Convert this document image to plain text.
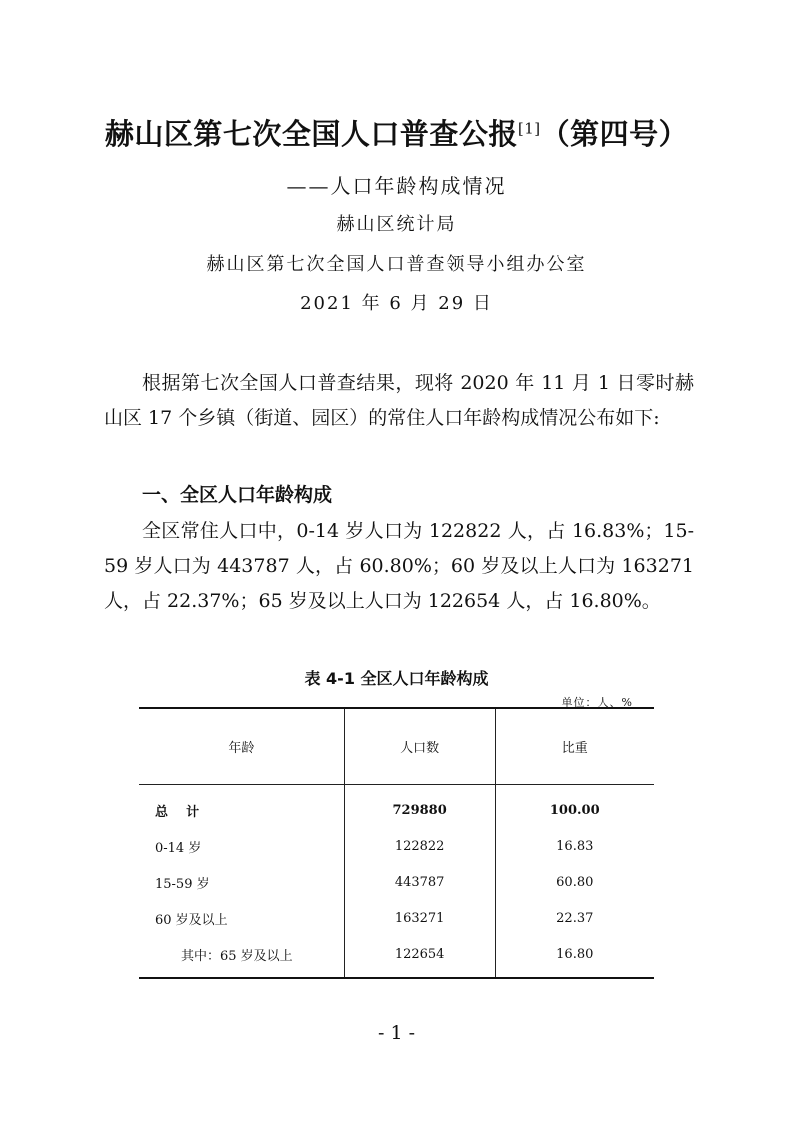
赫山区第七次全国人口普查公报[1]（第四号）
——人口年龄构成情况
赫山区统计局
赫山区第七次全国人口普查领导小组办公室
2021 年 6 月 29 日

根据第七次全国人口普查结果，现将 2020 年 11 月 1 日零时赫山区 17 个乡镇（街道、园区）的常住人口年龄构成情况公布如下:

一、全区人口年龄构成

全区常住人口中，0-14 岁人口为 122822 人，占 16.83%；15-59 岁人口为 443787 人，占 60.80%；60 岁及以上人口为 163271 人，占 22.37%；65 岁及以上人口为 122654 人，占 16.80%。

表 4-1 全区人口年龄构成
单位：人、%
年龄	人口数	比重
总    计	729880	100.00
0-14 岁	122822	16.83
15-59 岁	443787	60.80
60 岁及以上	163271	22.37
其中：65 岁及以上	122654	16.80
- 1 -
